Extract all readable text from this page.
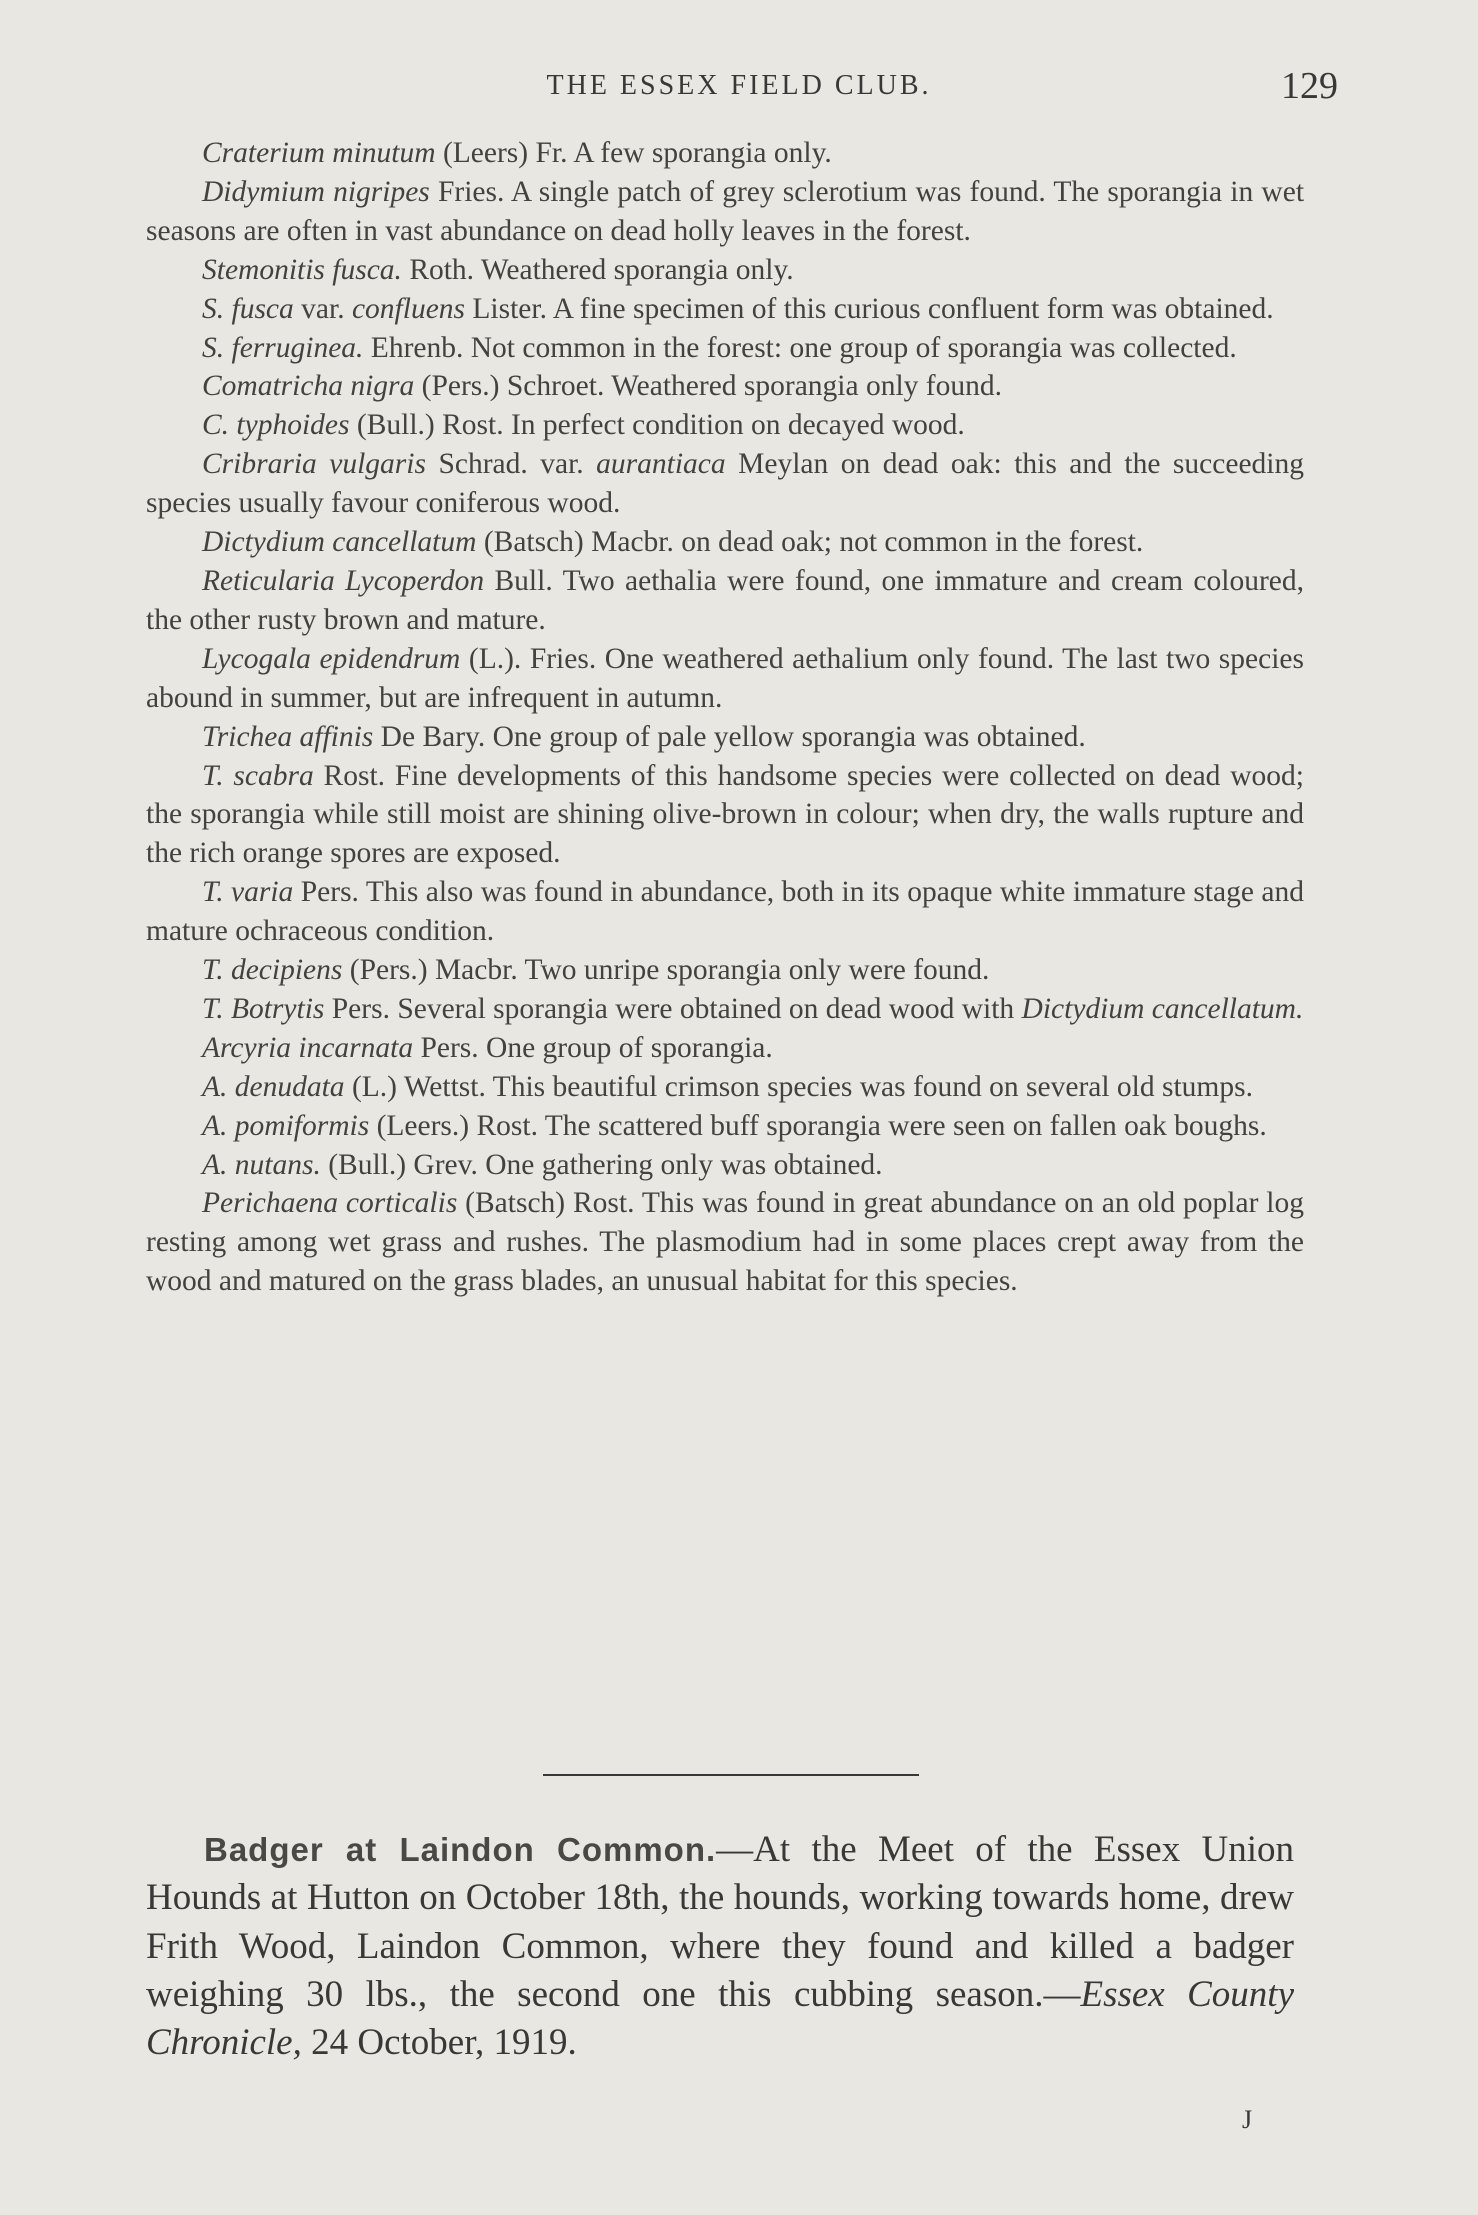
THE ESSEX FIELD CLUB.	129

Craterium minutum (Leers) Fr. A few sporangia only.

Didymium nigripes Fries. A single patch of grey sclerotium was found. The sporangia in wet seasons are often in vast abundance on dead holly leaves in the forest.

Stemonitis fusca. Roth. Weathered sporangia only.

S. fusca var. confluens Lister. A fine specimen of this curious confluent form was obtained.

S. ferruginea. Ehrenb. Not common in the forest: one group of sporangia was collected.

Comatricha nigra (Pers.) Schroet. Weathered sporangia only found.

C. typhoides (Bull.) Rost. In perfect condition on decayed wood.

Cribraria vulgaris Schrad. var. aurantiaca Meylan on dead oak: this and the succeeding species usually favour coniferous wood.

Dictydium cancellatum (Batsch) Macbr. on dead oak; not common in the forest.

Reticularia Lycoperdon Bull. Two aethalia were found, one immature and cream coloured, the other rusty brown and mature.

Lycogala epidendrum (L.). Fries. One weathered aethalium only found. The last two species abound in summer, but are infrequent in autumn.

Trichea affinis De Bary. One group of pale yellow sporangia was obtained.

T. scabra Rost. Fine developments of this handsome species were collected on dead wood; the sporangia while still moist are shining olive-brown in colour; when dry, the walls rupture and the rich orange spores are exposed.

T. varia Pers. This also was found in abundance, both in its opaque white immature stage and mature ochraceous condition.

T. decipiens (Pers.) Macbr. Two unripe sporangia only were found.

T. Botrytis Pers. Several sporangia were obtained on dead wood with Dictydium cancellatum.

Arcyria incarnata Pers. One group of sporangia.

A. denudata (L.) Wettst. This beautiful crimson species was found on several old stumps.

A. pomiformis (Leers.) Rost. The scattered buff sporangia were seen on fallen oak boughs.

A. nutans. (Bull.) Grev. One gathering only was obtained.

Perichaena corticalis (Batsch) Rost. This was found in great abundance on an old poplar log resting among wet grass and rushes. The plasmodium had in some places crept away from the wood and matured on the grass blades, an unusual habitat for this species.

Badger at Laindon Common.—At the Meet of the Essex Union Hounds at Hutton on October 18th, the hounds, working towards home, drew Frith Wood, Laindon Common, where they found and killed a badger weighing 30 lbs., the second one this cubbing season.—Essex County Chronicle, 24 October, 1919.

J
